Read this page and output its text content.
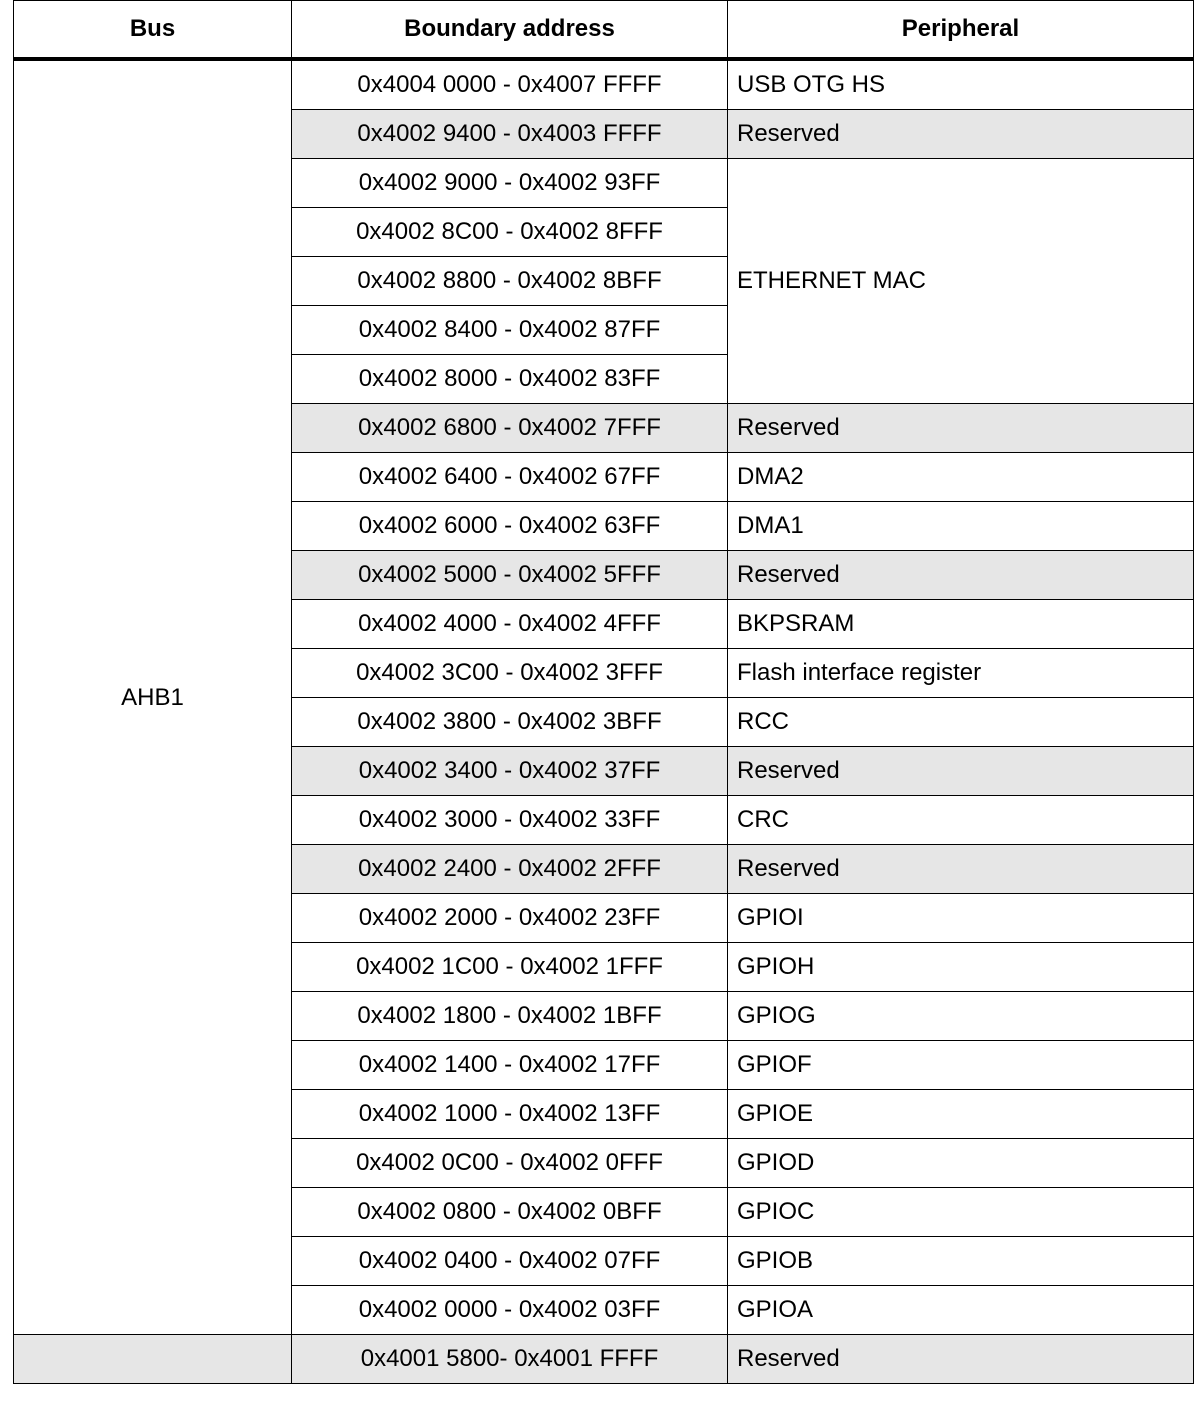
Bus	Boundary address	Peripheral
AHB1	0x4004 0000 - 0x4007 FFFF	USB OTG HS
	0x4002 9400 - 0x4003 FFFF	Reserved
	0x4002 9000 - 0x4002 93FF	ETHERNET MAC
	0x4002 8C00 - 0x4002 8FFF	
	0x4002 8800 - 0x4002 8BFF	
	0x4002 8400 - 0x4002 87FF	
	0x4002 8000 - 0x4002 83FF	
	0x4002 6800 - 0x4002 7FFF	Reserved
	0x4002 6400 - 0x4002 67FF	DMA2
	0x4002 6000 - 0x4002 63FF	DMA1
	0x4002 5000 - 0x4002 5FFF	Reserved
	0x4002 4000 - 0x4002 4FFF	BKPSRAM
	0x4002 3C00 - 0x4002 3FFF	Flash interface register
	0x4002 3800 - 0x4002 3BFF	RCC
	0x4002 3400 - 0x4002 37FF	Reserved
	0x4002 3000 - 0x4002 33FF	CRC
	0x4002 2400 - 0x4002 2FFF	Reserved
	0x4002 2000 - 0x4002 23FF	GPIOI
	0x4002 1C00 - 0x4002 1FFF	GPIOH
	0x4002 1800 - 0x4002 1BFF	GPIOG
	0x4002 1400 - 0x4002 17FF	GPIOF
	0x4002 1000 - 0x4002 13FF	GPIOE
	0x4002 0C00 - 0x4002 0FFF	GPIOD
	0x4002 0800 - 0x4002 0BFF	GPIOC
	0x4002 0400 - 0x4002 07FF	GPIOB
	0x4002 0000 - 0x4002 03FF	GPIOA
	0x4001 5800- 0x4001 FFFF	Reserved
